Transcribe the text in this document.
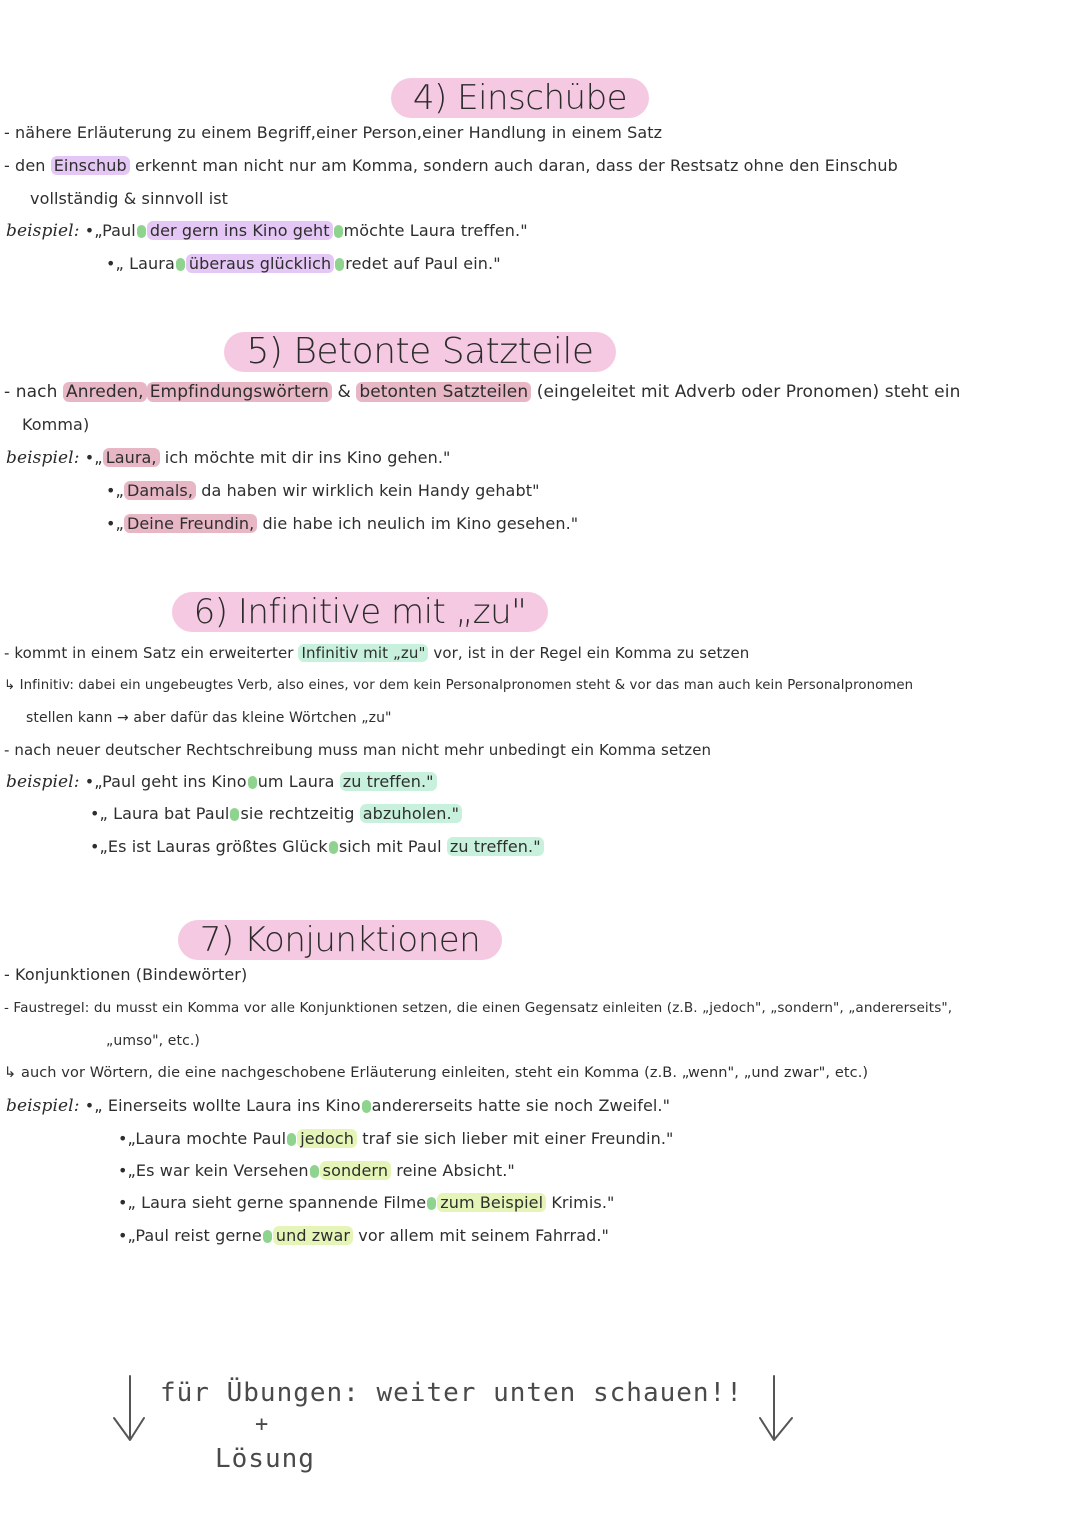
4) Einschübe
- nähere Erläuterung zu einem Begriff,einer Person,einer Handlung in einem Satz
- den Einschub erkennt man nicht nur am Komma, sondern auch daran, dass der Restsatz ohne den Einschub
vollständig & sinnvoll ist
beispiel: •„Paul der gern ins Kino geht möchte Laura treffen."
•„ Laura überaus glücklich redet auf Paul ein."
5) Betonte Satzteile
- nach Anreden, Empfindungswörtern & betonten Satzteilen (eingeleitet mit Adverb oder Pronomen) steht ein
Komma)
beispiel: •„ Laura, ich möchte mit dir ins Kino gehen."
•„ Damals, da haben wir wirklich kein Handy gehabt"
•„ Deine Freundin, die habe ich neulich im Kino gesehen."
6) Infinitive mit „zu"
- kommt in einem Satz ein erweiterter Infinitiv mit „zu" vor, ist in der Regel ein Komma zu setzen
↳ Infinitiv: dabei ein ungebeugtes Verb, also eines, vor dem kein Personalpronomen steht & vor das man auch kein Personalpronomen
stellen kann → aber dafür das kleine Wörtchen „zu"
- nach neuer deutscher Rechtschreibung muss man nicht mehr unbedingt ein Komma setzen
beispiel: •„Paul geht ins Kino um Laura zu treffen."
•„ Laura bat Paul sie rechtzeitig abzuholen."
•„Es ist Lauras größtes Glück sich mit Paul zu treffen."
7) Konjunktionen
- Konjunktionen (Bindewörter)
- Faustregel: du musst ein Komma vor alle Konjunktionen setzen, die einen Gegensatz einleiten (z.B. „jedoch", „sondern", „andererseits",
„umso", etc.)
↳ auch vor Wörtern, die eine nachgeschobene Erläuterung einleiten, steht ein Komma (z.B. „wenn", „und zwar", etc.)
beispiel: •„ Einerseits wollte Laura ins Kino andererseits hatte sie noch Zweifel."
•„Laura mochte Paul jedoch traf sie sich lieber mit einer Freundin."
•„Es war kein Versehen sondern reine Absicht."
•„ Laura sieht gerne spannende Filme zum Beispiel Krimis."
•„Paul reist gerne und zwar vor allem mit seinem Fahrrad."
für Übungen: weiter unten schauen!!
+
Lösung
